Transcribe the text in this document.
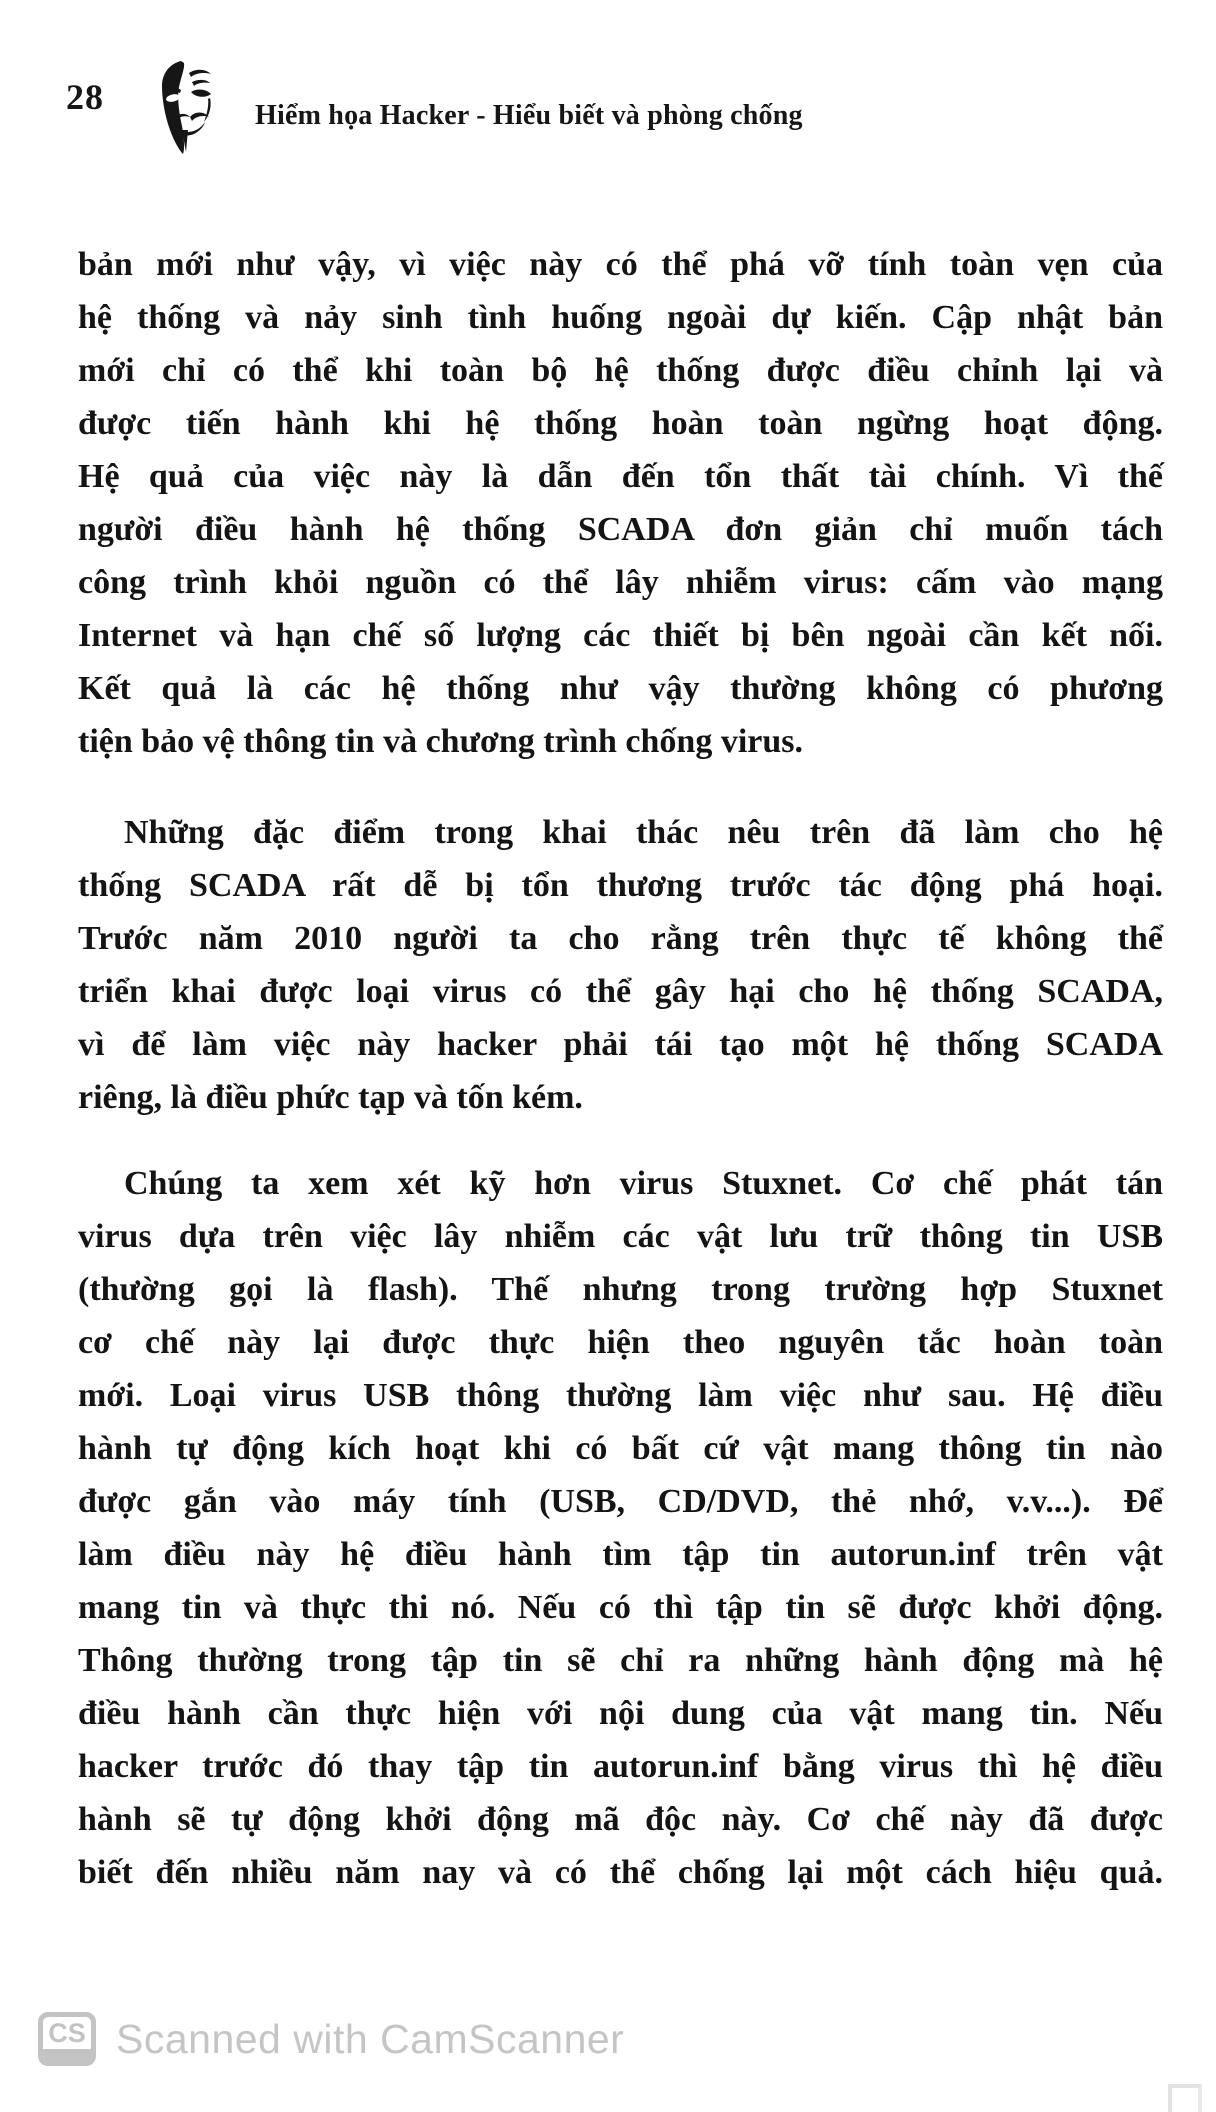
28	Hiểm họa Hacker - Hiểu biết và phòng chống
bản mới như vậy, vì việc này có thể phá vỡ tính toàn vẹn của
hệ thống và nảy sinh tình huống ngoài dự kiến. Cập nhật bản
mới chỉ có thể khi toàn bộ hệ thống được điều chỉnh lại và
được tiến hành khi hệ thống hoàn toàn ngừng hoạt động.
Hệ quả của việc này là dẫn đến tổn thất tài chính. Vì thế
người điều hành hệ thống SCADA đơn giản chỉ muốn tách
công trình khỏi nguồn có thể lây nhiễm virus: cấm vào mạng
Internet và hạn chế số lượng các thiết bị bên ngoài cần kết nối.
Kết quả là các hệ thống như vậy thường không có phương
tiện bảo vệ thông tin và chương trình chống virus.
Những đặc điểm trong khai thác nêu trên đã làm cho hệ
thống SCADA rất dễ bị tổn thương trước tác động phá hoại.
Trước năm 2010 người ta cho rằng trên thực tế không thể
triển khai được loại virus có thể gây hại cho hệ thống SCADA,
vì để làm việc này hacker phải tái tạo một hệ thống SCADA
riêng, là điều phức tạp và tốn kém.
Chúng ta xem xét kỹ hơn virus Stuxnet. Cơ chế phát tán
virus dựa trên việc lây nhiễm các vật lưu trữ thông tin USB
(thường gọi là flash). Thế nhưng trong trường hợp Stuxnet
cơ chế này lại được thực hiện theo nguyên tắc hoàn toàn
mới. Loại virus USB thông thường làm việc như sau. Hệ điều
hành tự động kích hoạt khi có bất cứ vật mang thông tin nào
được gắn vào máy tính (USB, CD/DVD, thẻ nhớ, v.v...). Để
làm điều này hệ điều hành tìm tập tin autorun.inf trên vật
mang tin và thực thi nó. Nếu có thì tập tin sẽ được khởi động.
Thông thường trong tập tin sẽ chỉ ra những hành động mà hệ
điều hành cần thực hiện với nội dung của vật mang tin. Nếu
hacker trước đó thay tập tin autorun.inf bằng virus thì hệ điều
hành sẽ tự động khởi động mã độc này. Cơ chế này đã được
biết đến nhiều năm nay và có thể chống lại một cách hiệu quả.
CS Scanned with CamScanner
